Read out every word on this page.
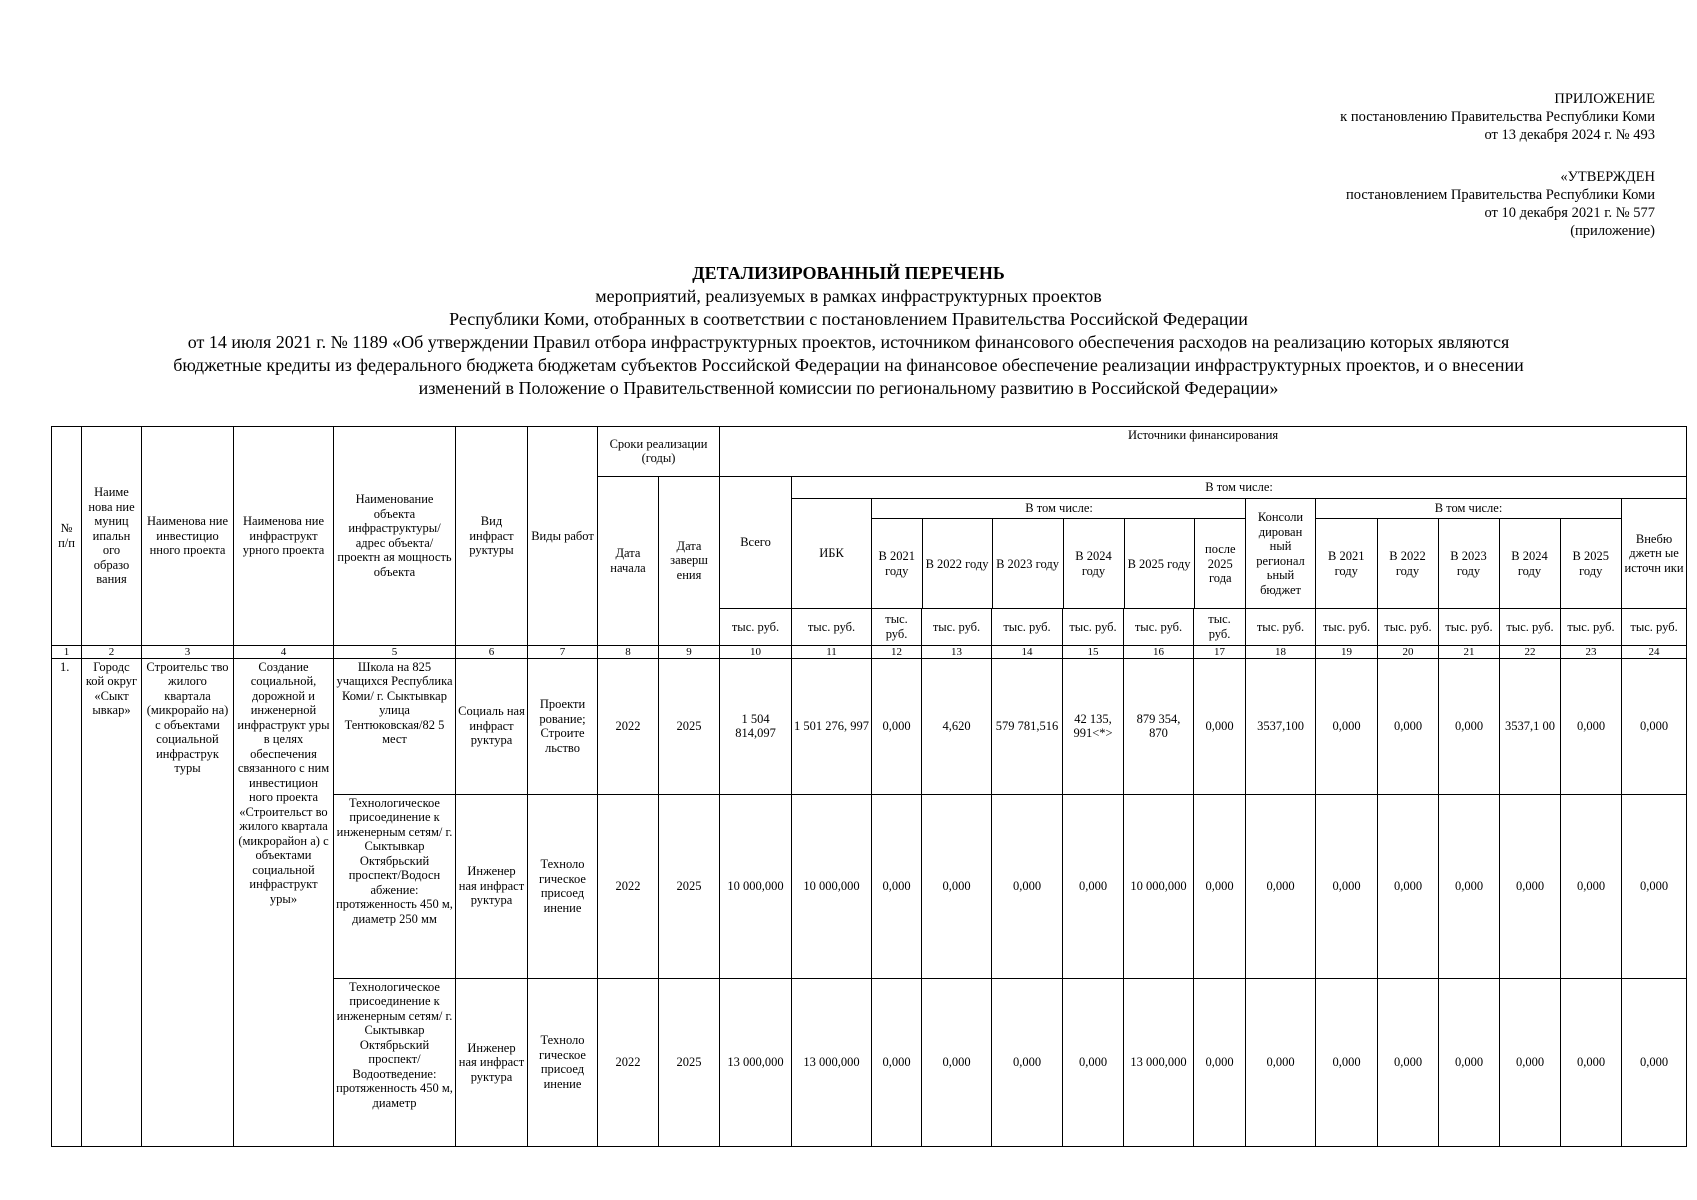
ПРИЛОЖЕНИЕ
к постановлению Правительства Республики Коми
от 13 декабря 2024 г. № 493
«УТВЕРЖДЕН
постановлением Правительства Республики Коми
от 10 декабря 2021 г. № 577
(приложение)
ДЕТАЛИЗИРОВАННЫЙ ПЕРЕЧЕНЬ
мероприятий, реализуемых в рамках инфраструктурных проектов
Республики Коми, отобранных в соответствии с постановлением Правительства Российской Федерации
от 14 июля 2021 г. № 1189 «Об утверждении Правил отбора инфраструктурных проектов, источником финансового обеспечения расходов на реализацию которых являются
бюджетные кредиты из федерального бюджета бюджетам субъектов Российской Федерации на финансовое обеспечение реализации инфраструктурных проектов, и о внесении
изменений в Положение о Правительственной комиссии по региональному развитию в Российской Федерации»
№ п/п	Наиме нова ние муниц ипальн ого образо вания	Наименова ние инвестицио нного проекта	Наименова ние инфраструкт урного проекта	Наименование объекта инфраструктуры/ адрес объекта/проектн ая мощность объекта	Вид инфраст руктуры	Виды работ	Сроки реализации (годы)	Источники финансирования
Дата начала	Дата заверш ения	Всего	В том числе:
ИБК	
В том числе:
В 2021 году	В 2022 году	В 2023 году	В 2024 году	В 2025 году	после 2025 года
	Консоли дирован ный регионал ьный бюджет	
В том числе:
В 2021 году	В 2022 году	В 2023 году	В 2024 году	В 2025 году
	Внебю джетн ые источн ики
тыс. руб.	тыс. руб.	тыс. руб.	тыс. руб.	тыс. руб.	тыс. руб.	тыс. руб.	тыс. руб.	тыс. руб.	тыс. руб.	тыс. руб.	тыс. руб.	тыс. руб.	тыс. руб.	тыс. руб.
1	2	3	4	5	6	7	8	9	10	11	12	13	14	15	16	17	18	19	20	21	22	23	24
1.	Городс кой округ «Сыкт ывкар»	Строительс тво жилого квартала (микрорайо на) с объектами социальной инфраструк туры	Создание социальной, дорожной и инженерной инфраструкт уры в целях обеспечения связанного с ним инвестицион ного проекта «Строительст во жилого квартала (микрорайон а) с объектами социальной инфраструкт уры»	Школа на 825 учащихся Республика Коми/ г. Сыктывкар улица Тентюковская/82 5 мест	Социаль ная инфраст руктура	Проекти рование; Строите льство	2022	2025	1 504 814,097	1 501 276, 997	0,000	4,620	579 781,516	42 135, 991<*>	879 354, 870	0,000	3537,100	0,000	0,000	0,000	3537,1 00	0,000	0,000
Технологическое присоединение к инженерным сетям/ г. Сыктывкар Октябрьский проспект/Водосн абжение: протяженность 450 м, диаметр 250 мм	Инженер ная инфраст руктура	Техноло гическое присоед инение	2022	2025	10 000,000	10 000,000	0,000	0,000	0,000	0,000	10 000,000	0,000	0,000	0,000	0,000	0,000	0,000	0,000	0,000
Технологическое присоединение к инженерным сетям/ г. Сыктывкар Октябрьский проспект/ Водоотведение: протяженность 450 м, диаметр	Инженер ная инфраст руктура	Техноло гическое присоед инение	2022	2025	13 000,000	13 000,000	0,000	0,000	0,000	0,000	13 000,000	0,000	0,000	0,000	0,000	0,000	0,000	0,000	0,000
